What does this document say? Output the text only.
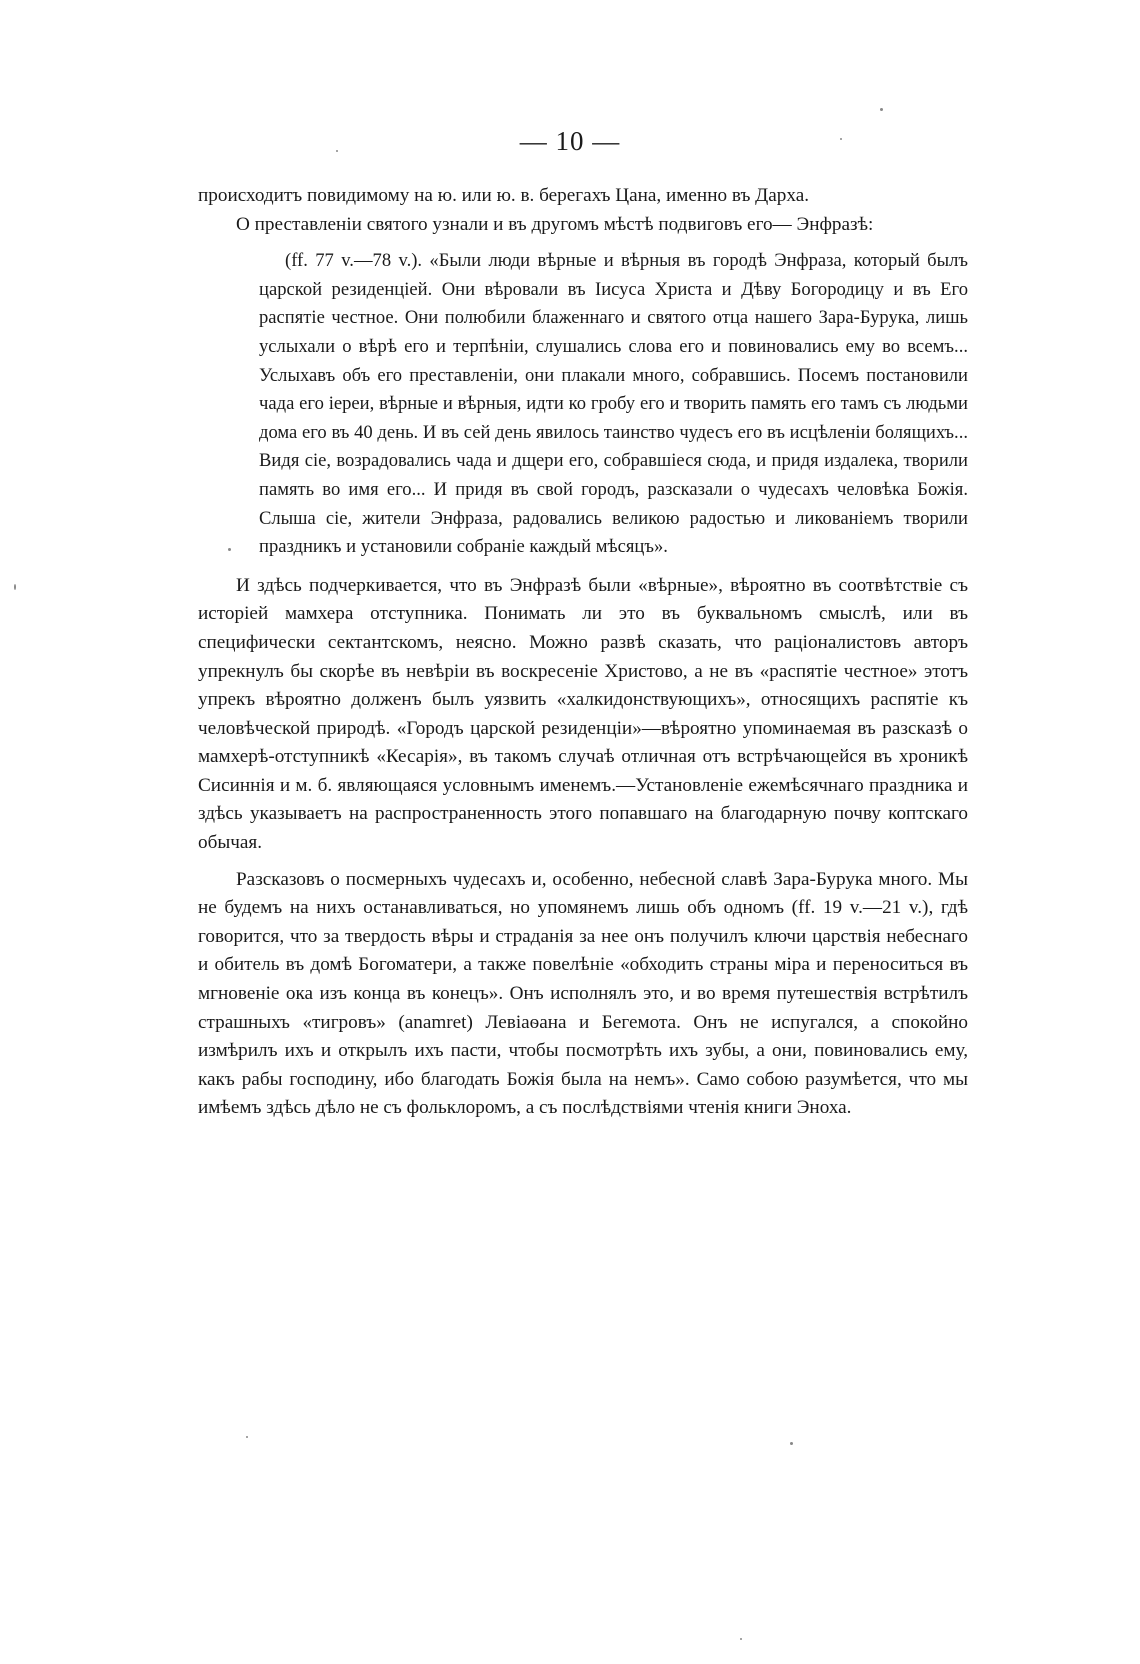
— 10 —

происходитъ повидимому на ю. или ю. в. берегахъ Цана, именно въ Дарха.

О преставленіи святого узнали и въ другомъ мѣстѣ подвиговъ его— Энфразѣ:

(ff. 77 v.—78 v.). «Были люди вѣрные и вѣрныя въ городѣ Энфраза, который былъ царской резиденціей. Они вѣровали въ Іисуса Христа и Дѣву Богородицу и въ Его распятіе честное. Они полюбили блаженнаго и святого отца нашего Зара-Бурука, лишь услыхали о вѣрѣ его и терпѣніи, слушались слова его и повиновались ему во всемъ... Услыхавъ объ его преставленіи, они плакали много, собравшись. Посемъ постановили чада его іереи, вѣрные и вѣрныя, идти ко гробу его и творить память его тамъ съ людьми дома его въ 40 день. И въ сей день явилось таинство чудесъ его въ исцѣленіи болящихъ... Видя сіе, возрадовались чада и дщери его, собравшіеся сюда, и придя издалека, творили память во имя его... И придя въ свой городъ, разсказали о чудесахъ человѣка Божія. Слыша сіе, жители Энфраза, радовались великою радостью и ликованіемъ творили праздникъ и установили собраніе каждый мѣсяцъ».

И здѣсь подчеркивается, что въ Энфразѣ были «вѣрные», вѣроятно въ соотвѣтствіе съ исторіей мамхера отступника. Понимать ли это въ буквальномъ смыслѣ, или въ специфически сектантскомъ, неясно. Можно развѣ сказать, что раціоналистовъ авторъ упрекнулъ бы скорѣе въ невѣріи въ воскресеніе Христово, а не въ «распятіе честное» этотъ упрекъ вѣроятно долженъ былъ уязвить «халкидонствующихъ», относящихъ распятіе къ человѣческой природѣ. «Городъ царской резиденціи»—вѣроятно упоминаемая въ разсказѣ о мамхерѣ-отступникѣ «Кесарія», въ такомъ случаѣ отличная отъ встрѣчающейся въ хроникѣ Сисиннія и м. б. являющаяся условнымъ именемъ.—Установленіе ежемѣсячнаго праздника и здѣсь указываетъ на распространенность этого попавшаго на благодарную почву коптскаго обычая.

Разсказовъ о посмерныхъ чудесахъ и, особенно, небесной славѣ Зара-Бурука много. Мы не будемъ на нихъ останавливаться, но упомянемъ лишь объ одномъ (ff. 19 v.—21 v.), гдѣ говорится, что за твердость вѣры и страданія за нее онъ получилъ ключи царствія небеснаго и обитель въ домѣ Богоматери, а также повелѣніе «обходить страны міра и переноситься въ мгновеніе ока изъ конца въ конецъ». Онъ исполнялъ это, и во время путешествія встрѣтилъ страшныхъ «тигровъ» (anamret) Левіаѳана и Бегемота. Онъ не испугался, а спокойно измѣрилъ ихъ и открылъ ихъ пасти, чтобы посмотрѣть ихъ зубы, а они, повиновались ему, какъ рабы господину, ибо благодать Божія была на немъ». Само собою разумѣется, что мы имѣемъ здѣсь дѣло не съ фольклоромъ, а съ послѣдствіями чтенія книги Эноха.
